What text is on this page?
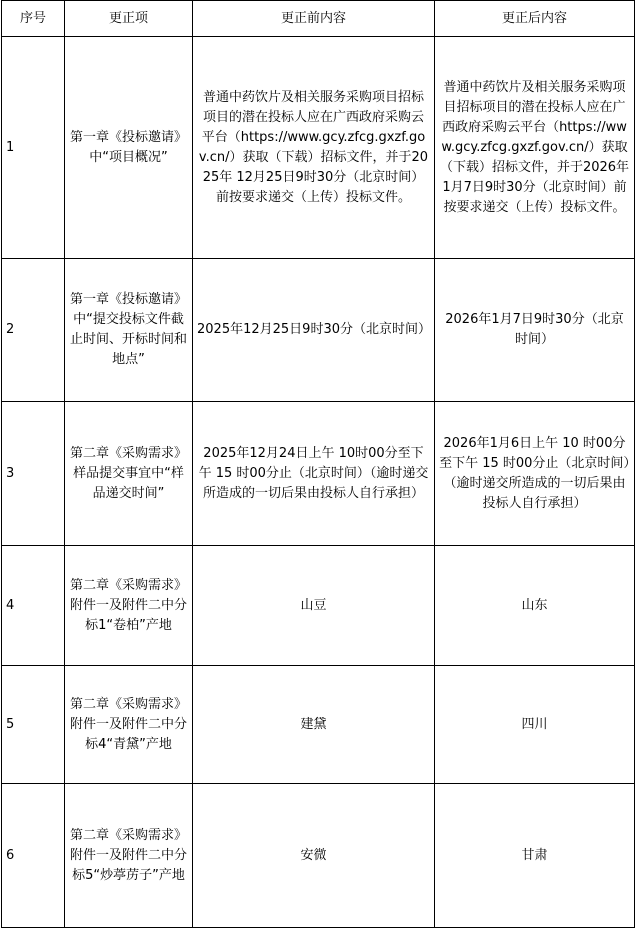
序号	更正项	更正前内容	更正后内容
1	第一章《投标邀请》中“项目概况”	普通中药饮片及相关服务采购项目招标项目的潜在投标人应在广西政府采购云平台（https://www.gcy.zfcg.gxzf.gov.cn/）获取（下载）招标文件，并于2025年 12月25日9时30分（北京时间）前按要求递交（上传）投标文件。	普通中药饮片及相关服务采购项目招标项目的潜在投标人应在广西政府采购云平台（https://www.gcy.zfcg.gxzf.gov.cn/）获取（下载）招标文件，并于2026年 1月7日9时30分（北京时间）前按要求递交（上传）投标文件。
2	第一章《投标邀请》中“提交投标文件截止时间、开标时间和地点”	2025年12月25日9时30分（北京时间）	2026年1月7日9时30分（北京时间）
3	第二章《采购需求》样品提交事宜中“样品递交时间”	2025年12月24日上午 10时00分至下午 15 时00分止（北京时间）（逾时递交所造成的一切后果由投标人自行承担）	2026年1月6日上午 10 时00分至下午 15 时00分止（北京时间）（逾时递交所造成的一切后果由投标人自行承担）
4	第二章《采购需求》附件一及附件二中分标1“卷柏”产地	山豆	山东
5	第二章《采购需求》附件一及附件二中分标4“青黛”产地	建黛	四川
6	第二章《采购需求》附件一及附件二中分标5“炒葶苈子”产地	安微	甘肃
